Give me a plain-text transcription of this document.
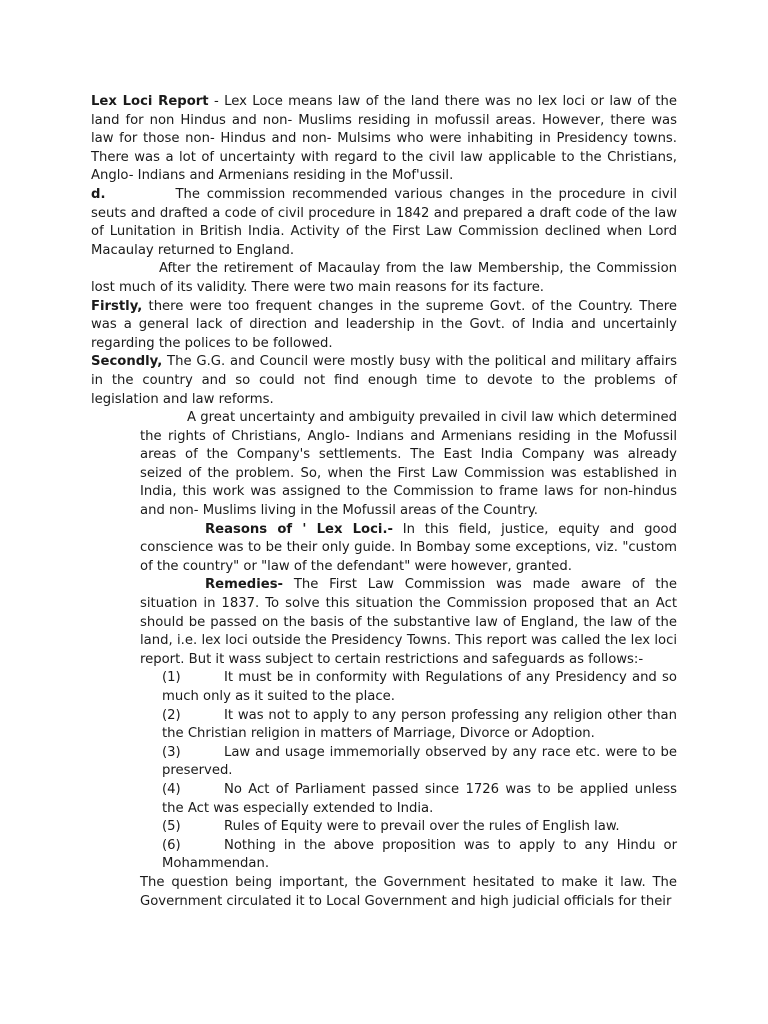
Lex Loci Report - Lex Loce means law of the land there was no lex loci or law of the land for non Hindus and non- Muslims residing in mofussil areas. However, there was law for those non- Hindus and non- Mulsims who were inhabiting in Presidency towns. There was a lot of uncertainty with regard to the civil law applicable to the Christians, Anglo- Indians and Armenians residing in the Mof'ussil.

d.	The commission recommended various changes in the procedure in civil seuts and drafted a code of civil procedure in 1842 and prepared a draft code of the law of Lunitation in British India. Activity of the First Law Commission declined when Lord Macaulay returned to England.

After the retirement of Macaulay from the law Membership, the Commission lost much of its validity. There were two main reasons for its facture.

Firstly, there were too frequent changes in the supreme Govt. of the Country. There was a general lack of direction and leadership in the Govt. of India and uncertainly regarding the polices to be followed.

Secondly, The G.G. and Council were mostly busy with the political and military affairs in the country and so could not find enough time to devote to the problems of legislation and law reforms.

A great uncertainty and ambiguity prevailed in civil law which determined the rights of Christians, Anglo- Indians and Armenians residing in the Mofussil areas of the Company's settlements. The East India Company was already seized of the problem. So, when the First Law Commission was established in India, this work was assigned to the Commission to frame laws for non-hindus and non- Muslims living in the Mofussil areas of the Country.

Reasons of ' Lex Loci.- In this field, justice, equity and good conscience was to be their only guide. In Bombay some exceptions, viz. "custom of the country" or "law of the defendant" were however, granted.

Remedies- The First Law Commission was made aware of the situation in 1837. To solve this situation the Commission proposed that an Act should be passed on the basis of the substantive law of England, the law of the land, i.e. lex loci outside the Presidency Towns. This report was called the lex loci report. But it wass subject to certain restrictions and safeguards as follows:-

(1)	It must be in conformity with Regulations of any Presidency and so much only as it suited to the place.

(2)	It was not to apply to any person professing any religion other than the Christian religion in matters of Marriage, Divorce or Adoption.

(3)	Law and usage immemorially observed by any race etc. were to be preserved.

(4)	No Act of Parliament passed since 1726 was to be applied unless the Act was especially extended to India.

(5)	Rules of Equity were to prevail over the rules of English law.

(6)	Nothing in the above proposition was to apply to any Hindu or Mohammendan.

The question being important, the Government hesitated to make it law. The Government circulated it to Local Government and high judicial officials for their
